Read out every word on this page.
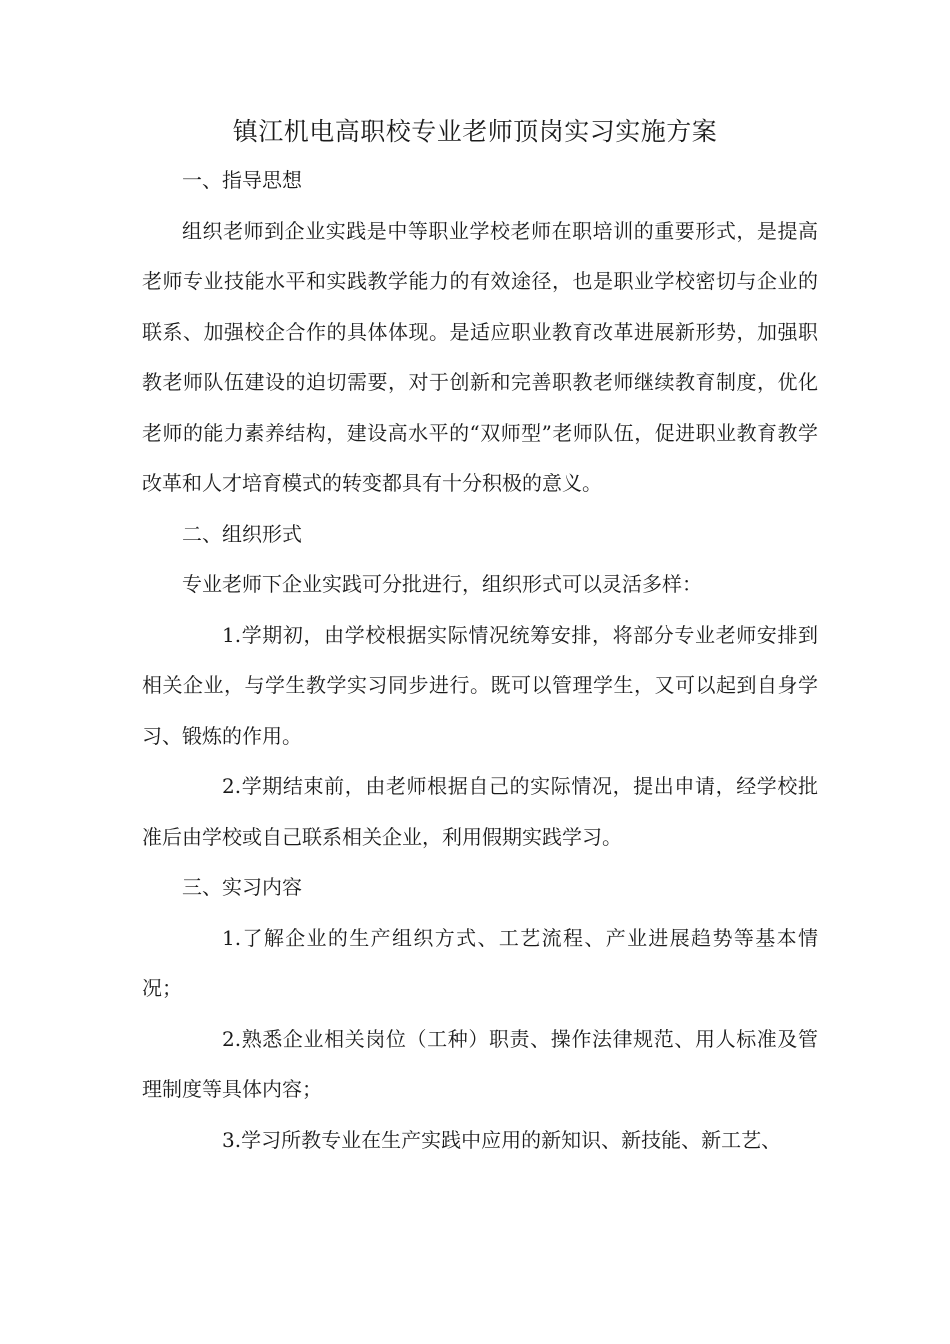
镇江机电高职校专业老师顶岗实习实施方案

一、指导思想

组织老师到企业实践是中等职业学校老师在职培训的重要形式，是提高老师专业技能水平和实践教学能力的有效途径，也是职业学校密切与企业的联系、加强校企合作的具体体现。是适应职业教育改革进展新形势，加强职教老师队伍建设的迫切需要，对于创新和完善职教老师继续教育制度，优化老师的能力素养结构，建设高水平的“双师型”老师队伍，促进职业教育教学改革和人才培育模式的转变都具有十分积极的意义。

二、组织形式

专业老师下企业实践可分批进行，组织形式可以灵活多样：

1.学期初，由学校根据实际情况统筹安排，将部分专业老师安排到相关企业，与学生教学实习同步进行。既可以管理学生，又可以起到自身学习、锻炼的作用。

2.学期结束前，由老师根据自己的实际情况，提出申请，经学校批准后由学校或自己联系相关企业，利用假期实践学习。

三、实习内容

1.了解企业的生产组织方式、工艺流程、产业进展趋势等基本情况；

2.熟悉企业相关岗位（工种）职责、操作法律规范、用人标准及管理制度等具体内容；

3.学习所教专业在生产实践中应用的新知识、新技能、新工艺、
